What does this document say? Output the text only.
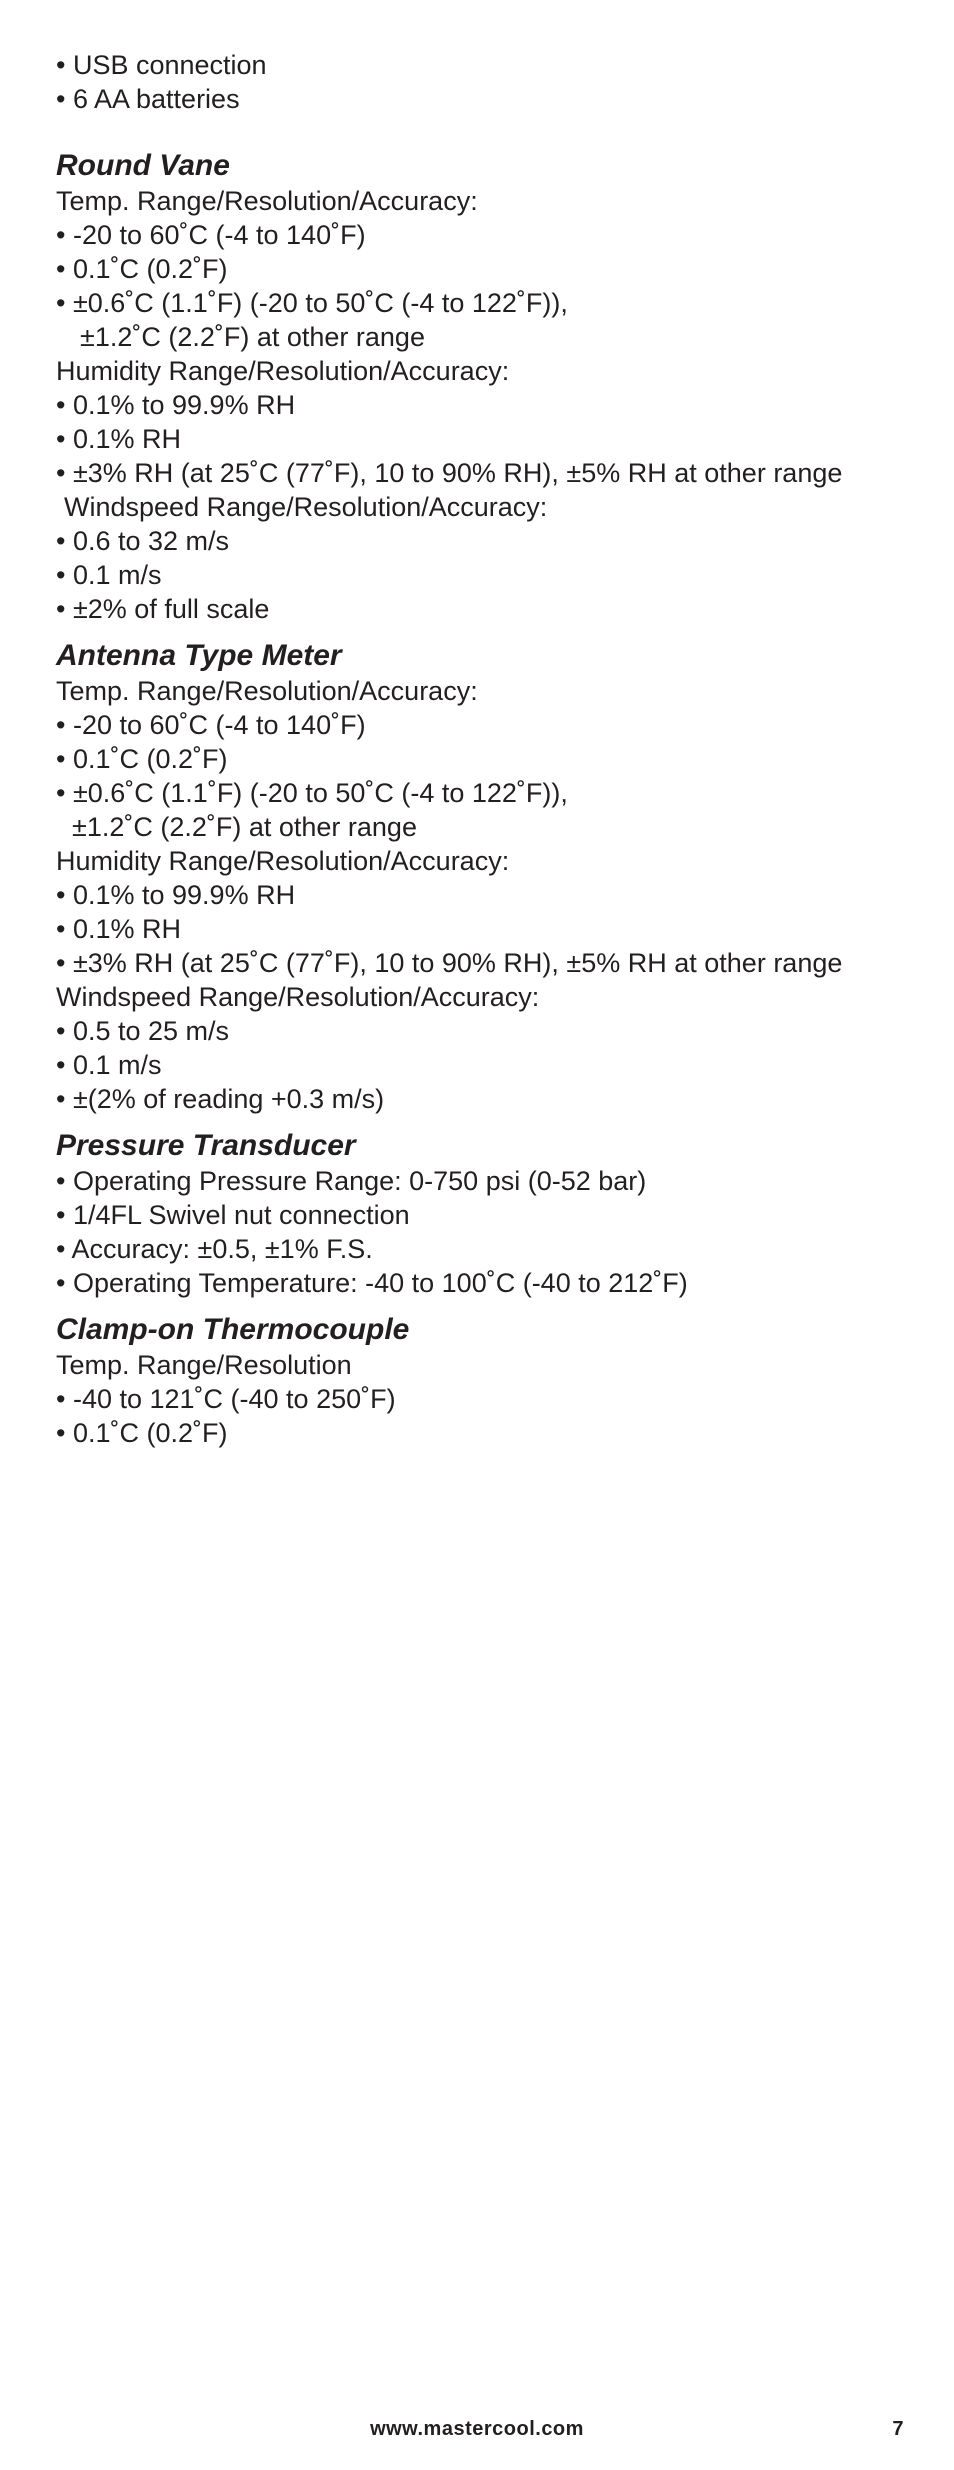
• USB connection
• 6 AA batteries
Round Vane
Temp. Range/Resolution/Accuracy:
• -20 to 60˚C (-4 to 140˚F)
• 0.1˚C (0.2˚F)
• ±0.6˚C (1.1˚F) (-20 to 50˚C (-4 to 122˚F)),
±1.2˚C (2.2˚F) at other range
Humidity Range/Resolution/Accuracy:
• 0.1% to 99.9% RH
• 0.1% RH
• ±3% RH (at 25˚C (77˚F), 10 to 90% RH), ±5% RH at other range
Windspeed Range/Resolution/Accuracy:
• 0.6 to 32 m/s
• 0.1 m/s
• ±2% of full scale
Antenna Type Meter
Temp. Range/Resolution/Accuracy:
• -20 to 60˚C (-4 to 140˚F)
• 0.1˚C (0.2˚F)
• ±0.6˚C (1.1˚F) (-20 to 50˚C (-4 to 122˚F)),
±1.2˚C (2.2˚F) at other range
Humidity Range/Resolution/Accuracy:
• 0.1% to 99.9% RH
• 0.1% RH
• ±3% RH (at 25˚C (77˚F), 10 to 90% RH), ±5% RH at other range
Windspeed Range/Resolution/Accuracy:
• 0.5 to 25 m/s
• 0.1 m/s
• ±(2% of reading +0.3 m/s)
Pressure Transducer
• Operating Pressure Range: 0-750 psi (0-52 bar)
• 1/4FL Swivel nut connection
• Accuracy: ±0.5, ±1% F.S.
• Operating Temperature: -40 to 100˚C (-40 to 212˚F)
Clamp-on Thermocouple
Temp. Range/Resolution
• -40 to 121˚C (-40 to 250˚F)
• 0.1˚C (0.2˚F)
www.mastercool.com	7
